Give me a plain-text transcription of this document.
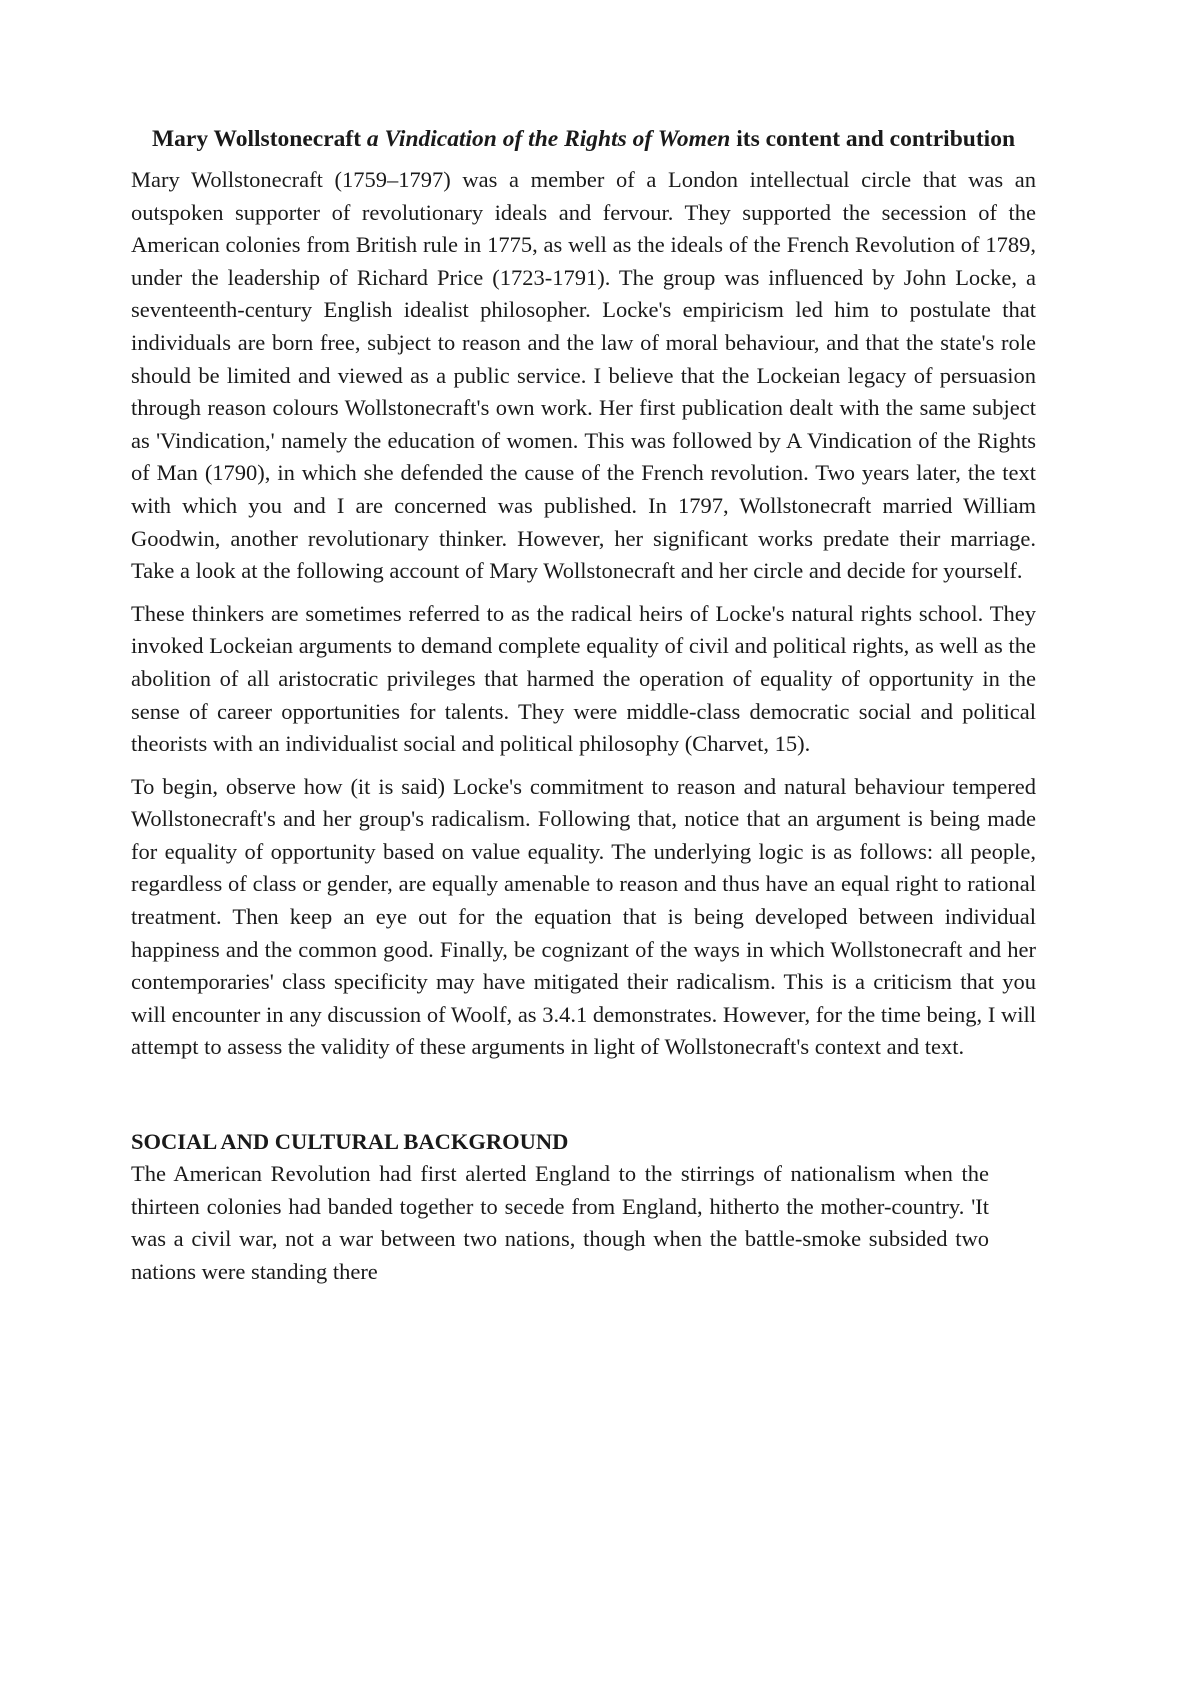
Mary Wollstonecraft a Vindication of the Rights of Women its content and contribution

Mary Wollstonecraft (1759–1797) was a member of a London intellectual circle that was an outspoken supporter of revolutionary ideals and fervour. They supported the secession of the American colonies from British rule in 1775, as well as the ideals of the French Revolution of 1789, under the leadership of Richard Price (1723-1791). The group was influenced by John Locke, a seventeenth-century English idealist philosopher. Locke's empiricism led him to postulate that individuals are born free, subject to reason and the law of moral behaviour, and that the state's role should be limited and viewed as a public service. I believe that the Lockeian legacy of persuasion through reason colours Wollstonecraft's own work. Her first publication dealt with the same subject as 'Vindication,' namely the education of women. This was followed by A Vindication of the Rights of Man (1790), in which she defended the cause of the French revolution. Two years later, the text with which you and I are concerned was published. In 1797, Wollstonecraft married William Goodwin, another revolutionary thinker. However, her significant works predate their marriage. Take a look at the following account of Mary Wollstonecraft and her circle and decide for yourself.

These thinkers are sometimes referred to as the radical heirs of Locke's natural rights school. They invoked Lockeian arguments to demand complete equality of civil and political rights, as well as the abolition of all aristocratic privileges that harmed the operation of equality of opportunity in the sense of career opportunities for talents. They were middle-class democratic social and political theorists with an individualist social and political philosophy (Charvet, 15).

To begin, observe how (it is said) Locke's commitment to reason and natural behaviour tempered Wollstonecraft's and her group's radicalism. Following that, notice that an argument is being made for equality of opportunity based on value equality. The underlying logic is as follows: all people, regardless of class or gender, are equally amenable to reason and thus have an equal right to rational treatment. Then keep an eye out for the equation that is being developed between individual happiness and the common good. Finally, be cognizant of the ways in which Wollstonecraft and her contemporaries' class specificity may have mitigated their radicalism. This is a criticism that you will encounter in any discussion of Woolf, as 3.4.1 demonstrates. However, for the time being, I will attempt to assess the validity of these arguments in light of Wollstonecraft's context and text.

SOCIAL AND CULTURAL BACKGROUND

The American Revolution had first alerted England to the stirrings of nationalism when the thirteen colonies had banded together to secede from England, hitherto the mother-country. 'It was a civil war, not a war between two nations, though when the battle-smoke subsided two nations were standing there
